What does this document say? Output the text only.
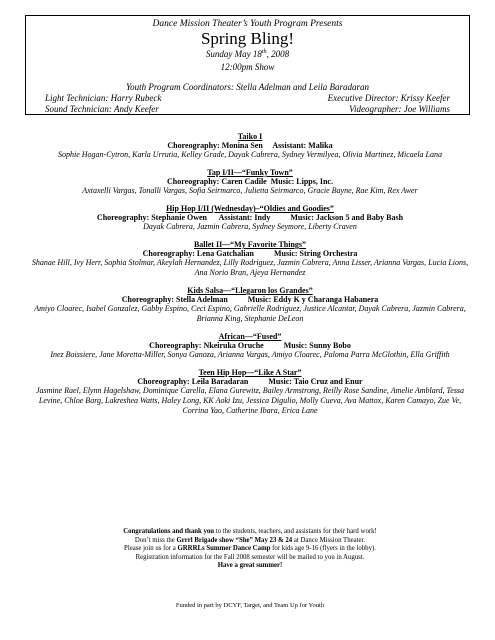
Dance Mission Theater’s Youth Program Presents
Spring Bling!
Sunday May 18th, 2008
12:00pm Show
Youth Program Coordinators: Stella Adelman and Leila Baradaran
Light Technician: Harry Rubeck	Executive Director: Krissy Keefer
Sound Technician: Andy Keefer	Videographer: Joe Williams
Taiko I
Choreography: Monina Sen     Assistant: Malika
Sophie Hogan-Cytron, Karla Urrutia, Kelley Grade, Dayak Cabrera, Sydney Vermilyea, Olivia Martinez, Micaela Lana
Tap I/II—“Funky Town”
Choreography: Caren Cadile  Music: Lipps, Inc.
Axtaxelli Vargas, Tonalli Vargas, Sofia Seirmarco, Julietta Seirmarco, Gracie Bayne, Rae Kim, Rex Awer
Hip Hop I/II (Wednesday)–“Oldies and Goodies”
Choreography: Stephanie Owen      Assistant: Indy          Music: Jackson 5 and Baby Bash
Dayak Cabrera, Jazmin Cabrera, Sydney Seymore, Liberty Craven
Ballet II—“My Favorite Things”
Choreography: Lena Gatchalian          Music: String Orchestra
Shanae Hill, Ivy Herr, Sophia Stolmar, Akeylah Hernandez, Lilly Rodriguez, Jazmin Cabrera, Anna Lisser, Arianna Vargas, Lucia Lions, Ana Norio Bran, Ajeya Hernandez
Kids Salsa—“Llegaron los Grandes”
Choreography: Stella Adelman          Music: Eddy K y Charanga Habanera
Amiyo Cloarec, Isabel Gonzalez, Gabby Espino, Ceci Espino, Gabrielle Rodriguez, Justice Alcantar, Dayak Cabrera, Jazmin Cabrera, Brianna King, Stephanie DeLeon
African—“Fused”
Choreography: Nkeiruka Oruche          Music: Sunny Bobo
Inez Boissiere, Jane Moretta-Miller, Sonya Ganoza, Arianna Vargas, Amiyo Cloarec, Paloma Parra McGlothin, Ella Griffith
Teen Hip Hop—“Like A Star”
Choreography: Leila Baradaran          Music: Taio Cruz and Enur
Jasmine Rael, Elynn Hagelshaw, Dominique Carella, Elana Gurewitz, Bailey Armstrong, Reilly Rose Sandine, Amelie Amblard, Tessa Levine, Chloe Barg, Lakreshea Watts, Haley Long, KK Aoki Izu, Jessica Digulio, Molly Cueva, Ava Mattox, Karen Camayo, Zue Ve, Corrina Yao, Catherine Ibara, Erica Lane
Congratulations and thank you to the students, teachers, and assistants for their hard work!
Don’t miss the Grrrl Brigade show “She” May 23 & 24 at Dance Mission Theater.
Please join us for a GRRRLs Summer Dance Camp for kids age 9-16 (flyers in the lobby).
Registration information for the Fall 2008 semester will be mailed to you in August.
Have a great summer!
Funded in part by DCYF, Target, and Team Up for Youth
